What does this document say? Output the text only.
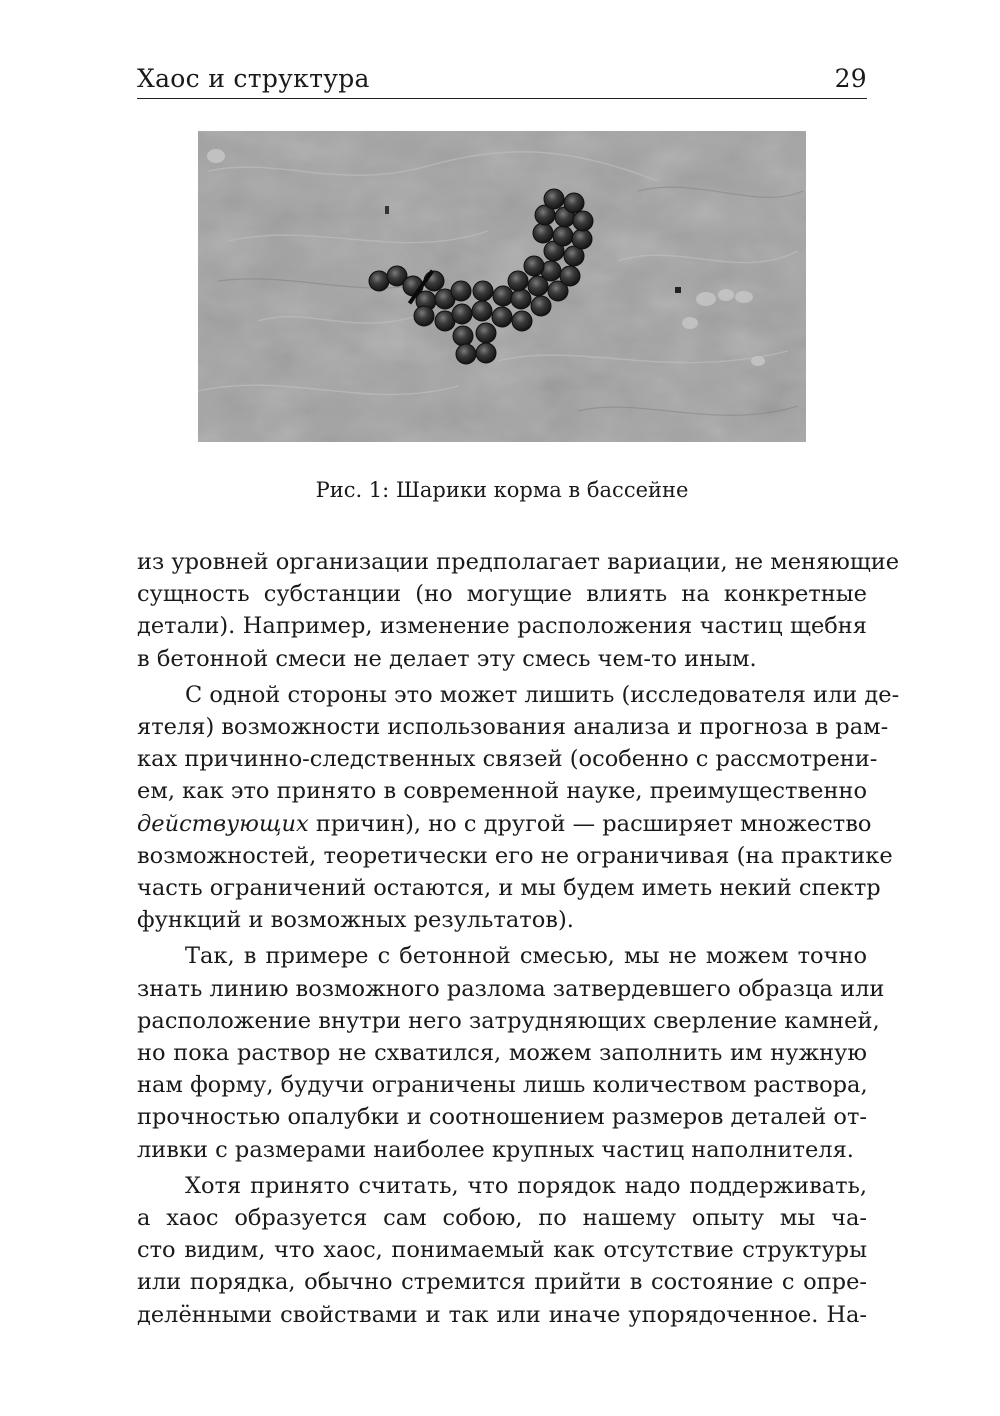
Хаос и структура	29
Рис. 1: Шарики корма в бассейне

из уровней организации предполагает вариации, не меняющие
сущность субстанции (но могущие влиять на конкретные
детали). Например, изменение расположения частиц щебня
в бетонной смеси не делает эту смесь чем-то иным.

С одной стороны это может лишить (исследователя или де-
ятеля) возможности использования анализа и прогноза в рам-
ках причинно-следственных связей (особенно с рассмотрени-
ем, как это принято в современной науке, преимущественно
действующих причин), но с другой — расширяет множество
возможностей, теоретически его не ограничивая (на практике
часть ограничений остаются, и мы будем иметь некий спектр
функций и возможных результатов).

Так, в примере с бетонной смесью, мы не можем точно
знать линию возможного разлома затвердевшего образца или
расположение внутри него затрудняющих сверление камней,
но пока раствор не схватился, можем заполнить им нужную
нам форму, будучи ограничены лишь количеством раствора,
прочностью опалубки и соотношением размеров деталей от-
ливки с размерами наиболее крупных частиц наполнителя.

Хотя принято считать, что порядок надо поддерживать,
а хаос образуется сам собою, по нашему опыту мы ча-
сто видим, что хаос, понимаемый как отсутствие структуры
или порядка, обычно стремится прийти в состояние с опре-
делёнными свойствами и так или иначе упорядоченное. На-
